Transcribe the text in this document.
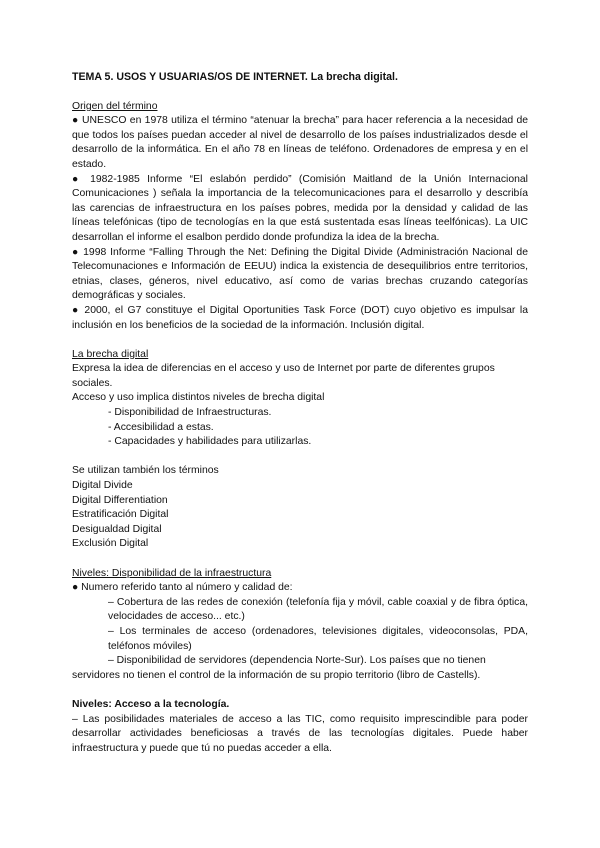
TEMA 5. USOS Y USUARIAS/OS DE INTERNET. La brecha digital.

Origen del término

● UNESCO en 1978 utiliza el término “atenuar la brecha” para hacer referencia a la necesidad de que todos los países puedan acceder al nivel de desarrollo de los países industrializados desde el desarrollo de la informática. En el año 78 en líneas de teléfono. Ordenadores de empresa y en el estado.

● 1982-1985 Informe “El eslabón perdido” (Comisión Maitland de la Unión Internacional Comunicaciones ) señala la importancia de la telecomunicaciones para el desarrollo y describía las carencias de infraestructura en los países pobres, medida por la densidad y calidad de las líneas telefónicas (tipo de tecnologías en la que está sustentada esas líneas teelfónicas). La UIC desarrollan el informe el esalbon perdido donde profundiza la idea de la brecha.

● 1998 Informe “Falling Through the Net: Defining the Digital Divide (Administración Nacional de Telecomunaciones e Información de EEUU) indica la existencia de desequilibrios entre territorios, etnias, clases, géneros, nivel educativo, así como de varias brechas cruzando categorías demográficas y sociales.

● 2000, el G7 constituye el Digital Oportunities Task Force (DOT) cuyo objetivo es impulsar la inclusión en los beneficios de la sociedad de la información. Inclusión digital.

La brecha digital

Expresa la idea de diferencias en el acceso y uso de Internet por parte de diferentes grupos sociales.

Acceso y uso implica distintos niveles de brecha digital

- Disponibilidad de Infraestructuras.

- Accesibilidad a estas.

- Capacidades y habilidades para utilizarlas.

Se utilizan también los términos

Digital Divide

Digital Differentiation

Estratificación Digital

Desigualdad Digital

Exclusión Digital

Niveles: Disponibilidad de la infraestructura

● Numero referido tanto al número y calidad de:

– Cobertura de las redes de conexión (telefonía fija y móvil, cable coaxial y de fibra óptica, velocidades de acceso... etc.)

– Los terminales de acceso (ordenadores, televisiones digitales, videoconsolas, PDA, teléfonos móviles)

– Disponibilidad de servidores (dependencia Norte-Sur). Los países que no tienen

servidores no tienen el control de la información de su propio territorio (libro de Castells).

Niveles: Acceso a la tecnología.

– Las posibilidades materiales de acceso a las TIC, como requisito imprescindible para poder desarrollar actividades beneficiosas a través de las tecnologías digitales. Puede haber infraestructura y puede que tú no puedas acceder a ella.
